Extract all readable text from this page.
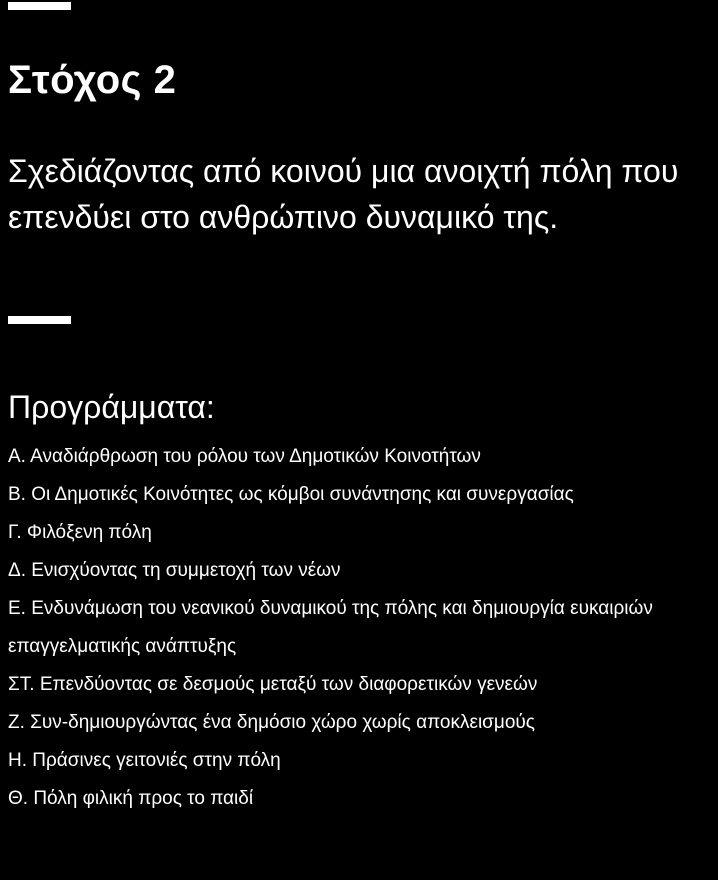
Στόχος 2

Σχεδιάζοντας από κοινού μια ανοιχτή πόλη που επενδύει στο ανθρώπινο δυναμικό της.

Προγράμματα:
Α. Αναδιάρθρωση του ρόλου των Δημοτικών Κοινοτήτων
Β. Οι Δημοτικές Κοινότητες ως κόμβοι συνάντησης και συνεργασίας
Γ. Φιλόξενη πόλη
Δ. Ενισχύοντας τη συμμετοχή των νέων
Ε. Ενδυνάμωση του νεανικού δυναμικού της πόλης και δημιουργία ευκαιριών επαγγελματικής ανάπτυξης
ΣΤ. Επενδύοντας σε δεσμούς μεταξύ των διαφορετικών γενεών
Ζ. Συν-δημιουργώντας ένα δημόσιο χώρο χωρίς αποκλεισμούς
Η. Πράσινες γειτονιές στην πόλη
Θ. Πόλη φιλική προς το παιδί
